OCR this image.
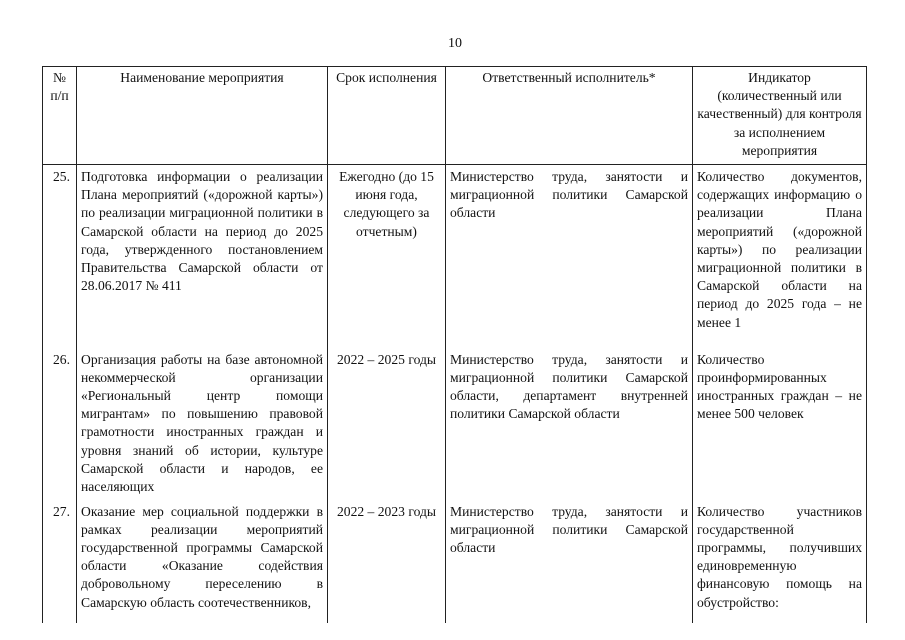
10
№ п/п	Наименование мероприятия	Срок исполнения	Ответственный исполнитель*	Индикатор (количественный или качественный) для контроля за исполнением мероприятия
25.	Подготовка информации о реализации Плана мероприятий («дорожной карты») по реализации миграционной политики в Самарской области на период до 2025 года, утвержденного постановлением Правительства Самарской области от 28.06.2017 № 411	Ежегодно (до 15 июня года, следующего за отчетным)	Министерство труда, занятости и миграционной политики Самарской области	Количество документов, содержащих информацию о реализации Плана мероприятий («дорожной карты») по реализации миграционной политики в Самарской области на период до 2025 года – не менее 1
26.	Организация работы на базе автономной некоммерческой организации «Региональный центр помощи мигрантам» по повышению правовой грамотности иностранных граждан и уровня знаний об истории, культуре Самарской области и народов, ее населяющих	2022 – 2025 годы	Министерство труда, занятости и миграционной политики Самарской области, департамент внутренней политики Самарской области	Количество проинформированных иностранных граждан – не менее 500 человек
27.	Оказание мер социальной поддержки в рамках реализации мероприятий государственной программы Самарской области «Оказание содействия добровольному переселению в Самарскую область соотечественников,	2022 – 2023 годы	Министерство труда, занятости и миграционной политики Самарской области	Количество участников государственной программы, получивших единовременную финансовую помощь на обустройство:
